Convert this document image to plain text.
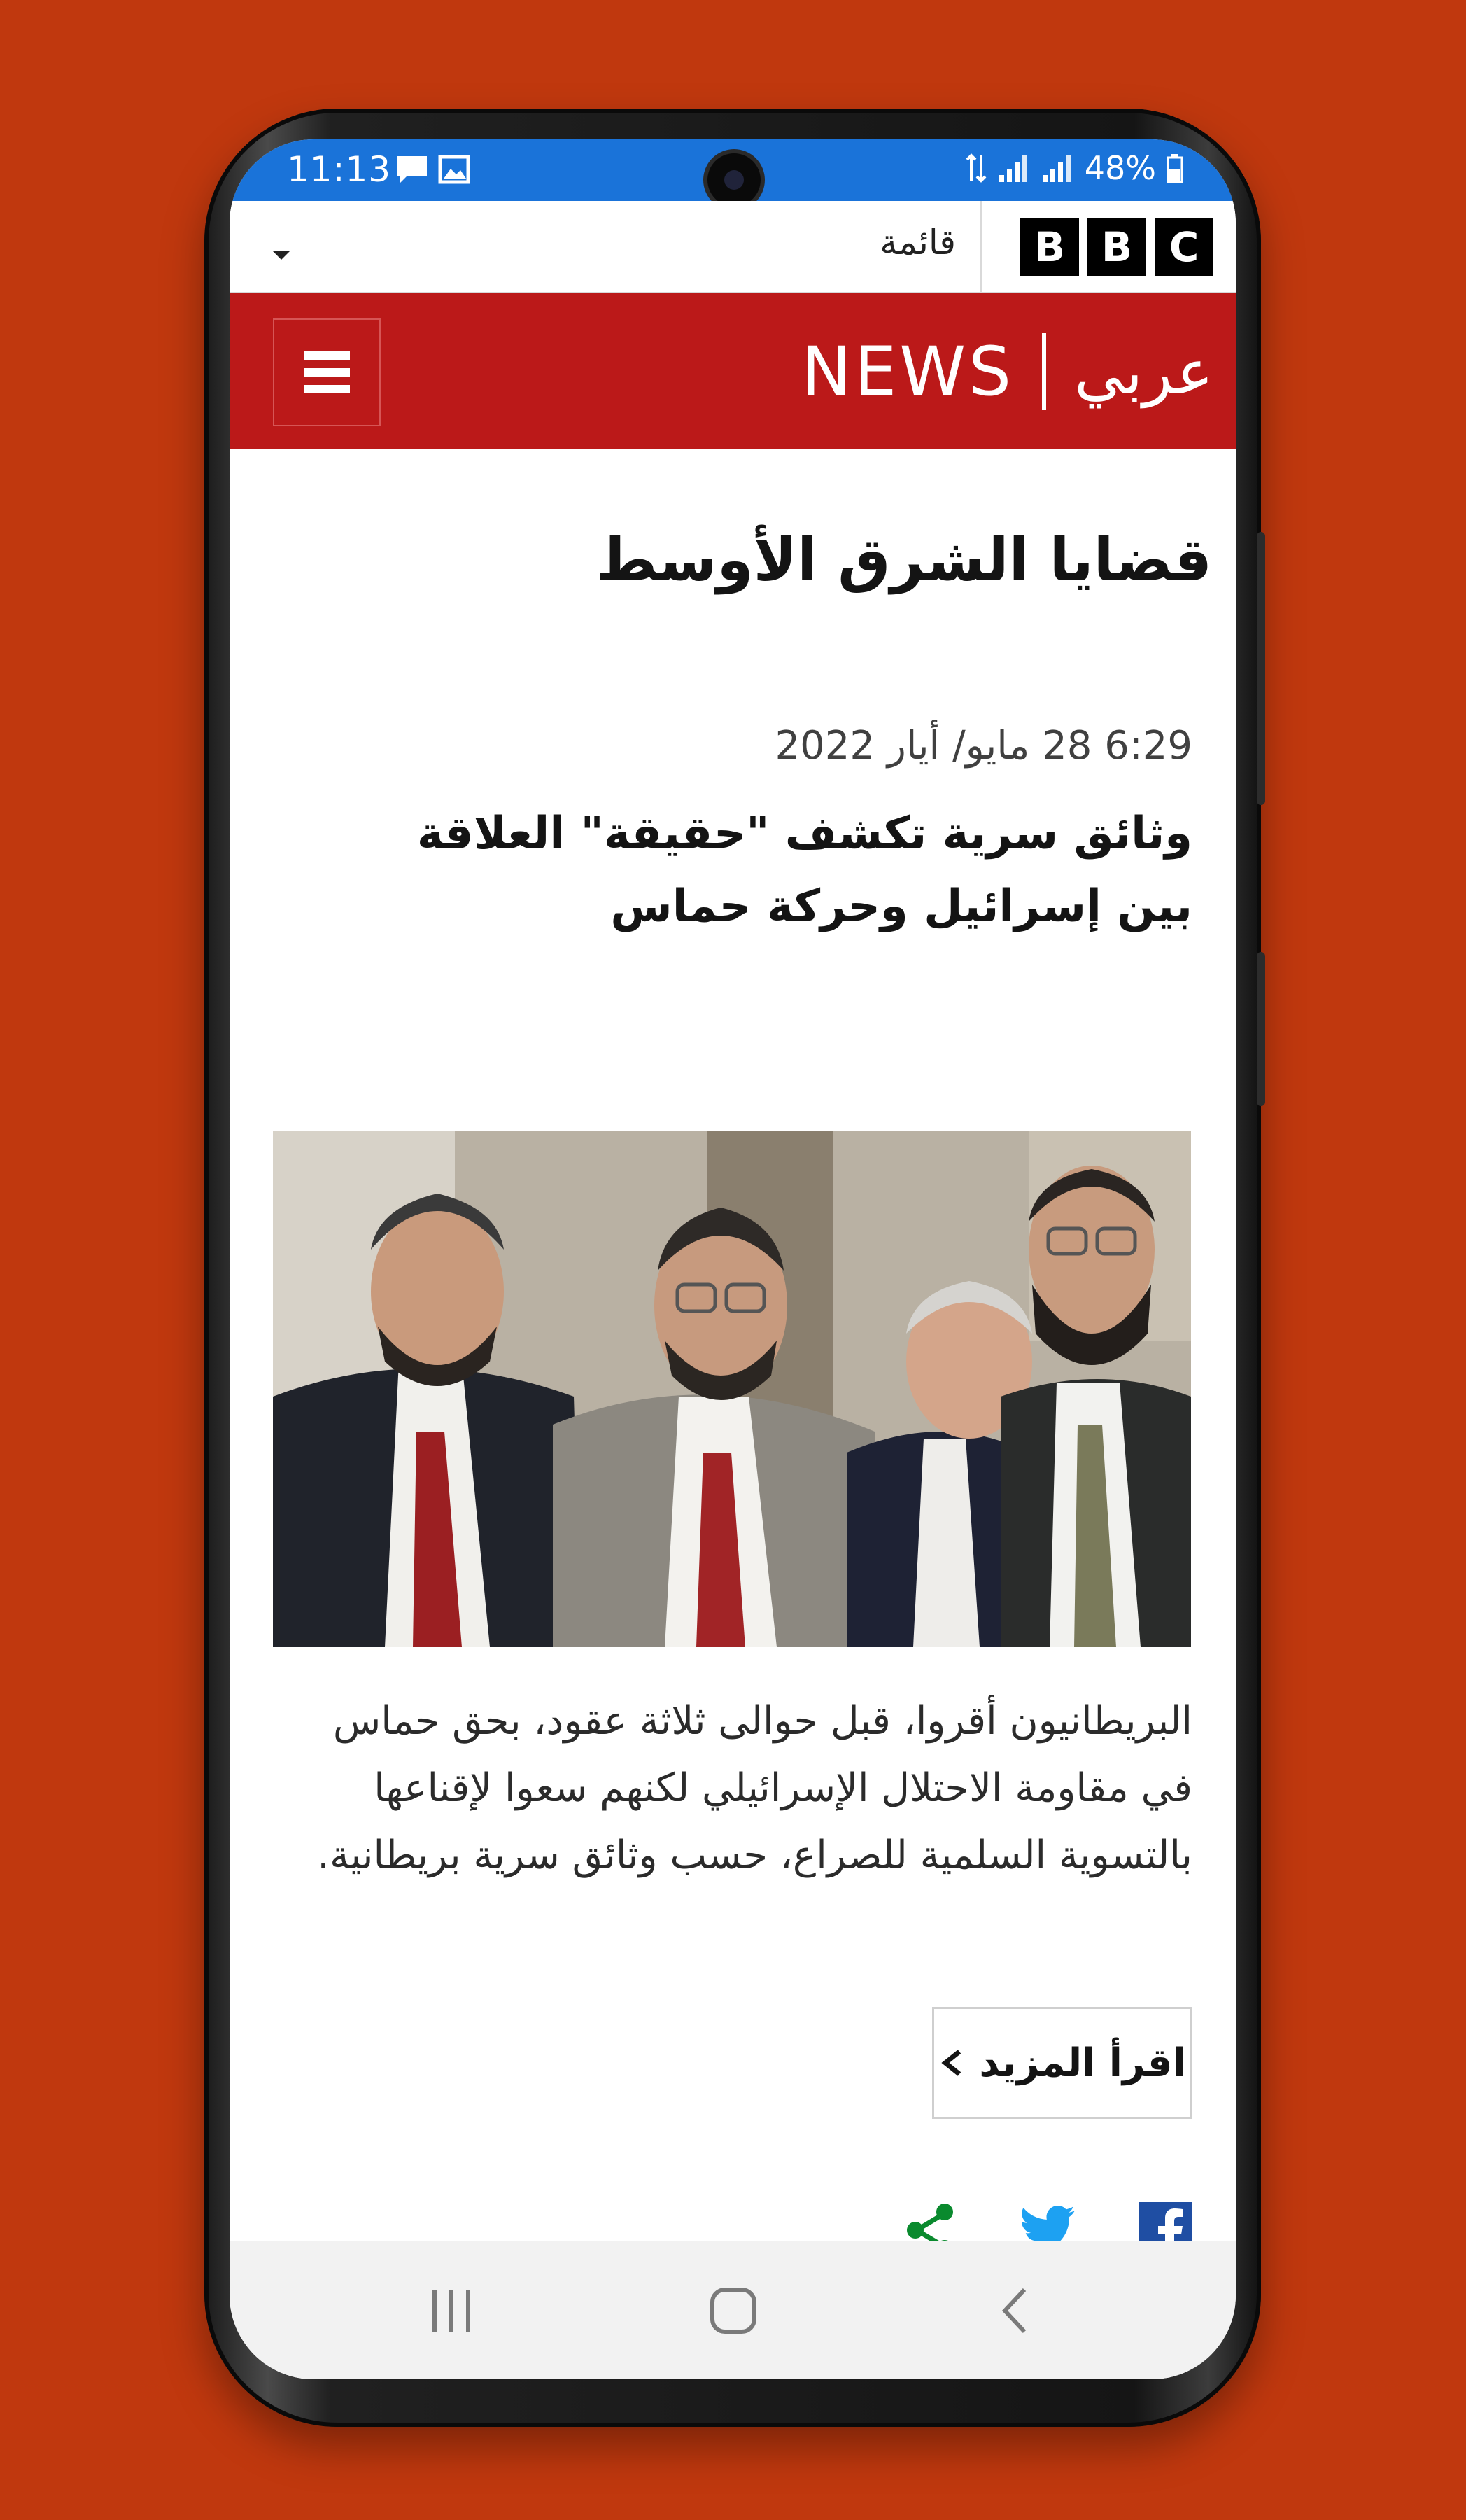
11:13	48%
B B C
قائمة
NEWS عربي
قضايا الشرق الأوسط
6:29 28 مايو/ أيار 2022
وثائق سرية تكشف "حقيقة" العلاقة بين إسرائيل وحركة حماس

البريطانيون أقروا، قبل حوالى ثلاثة عقود، بحق حماس في مقاومة الاحتلال الإسرائيلي لكنهم سعوا لإقناعها بالتسوية السلمية للصراع، حسب وثائق سرية بريطانية.

اقرأ المزيد
